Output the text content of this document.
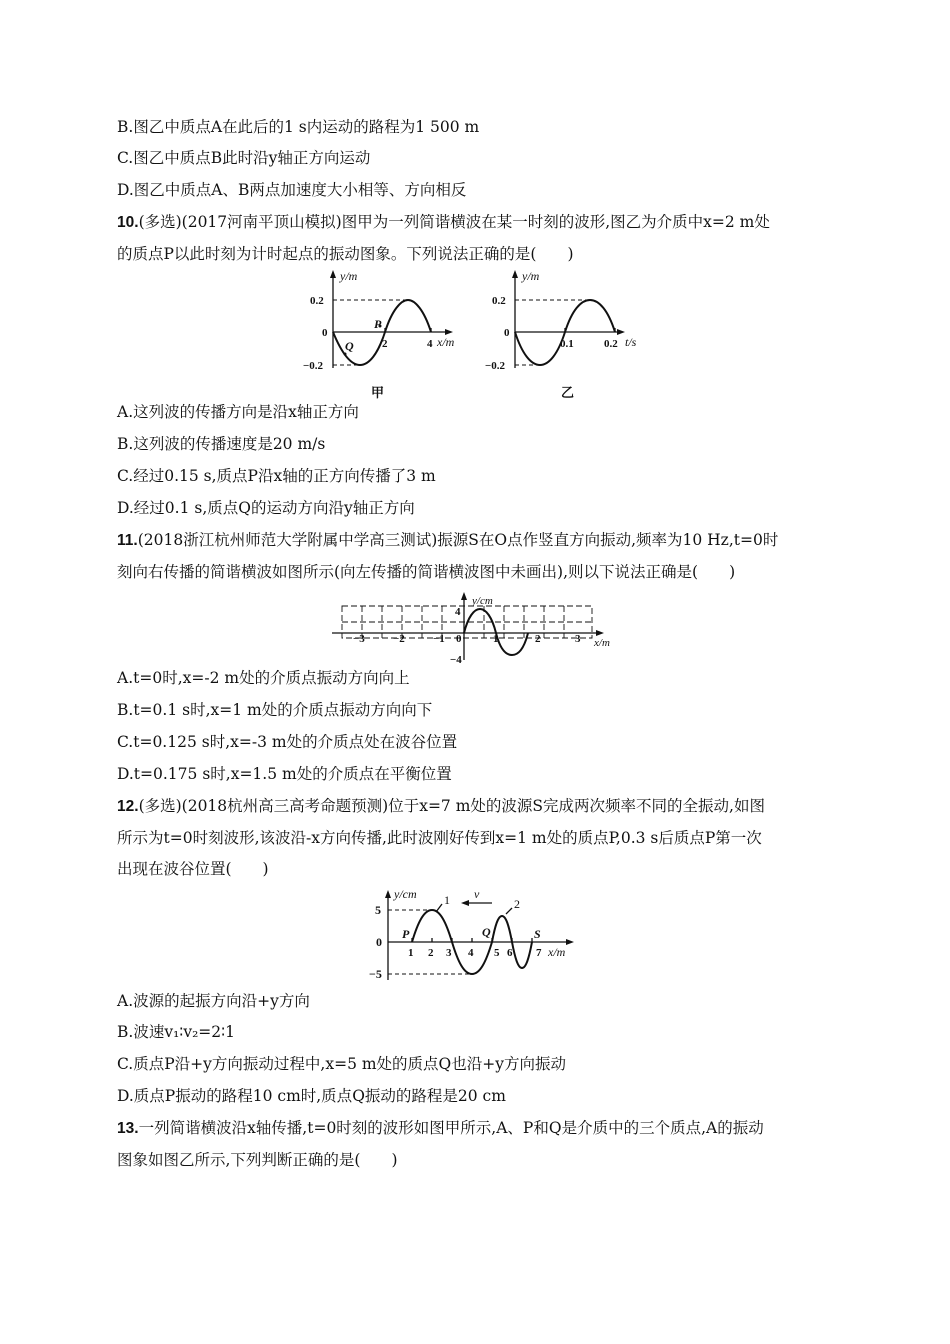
B.图乙中质点A在此后的1 s内运动的路程为1 500 m
C.图乙中质点B此时沿y轴正方向运动
D.图乙中质点A、B两点加速度大小相等、方向相反
10.(多选)(2017河南平顶山模拟)图甲为一列简谐横波在某一时刻的波形,图乙为介质中x=2 m处
的质点P以此时刻为计时起点的振动图象。下列说法正确的是(　　)
y/m
0.2
0
−0.2
2	4 x/m
P
Q
甲
y/m
0.2
0
−0.2
0.1	0.2 t/s
乙
A.这列波的传播方向是沿x轴正方向
B.这列波的传播速度是20 m/s
C.经过0.15 s,质点P沿x轴的正方向传播了3 m
D.经过0.1 s,质点Q的运动方向沿y轴正方向
11.(2018浙江杭州师范大学附属中学高三测试)振源S在O点作竖直方向振动,频率为10 Hz,t=0时
刻向右传播的简谐横波如图所示(向左传播的简谐横波图中未画出),则以下说法正确是(　　)
y/cm
4
−4
0
−3	−2	−1	1	2	3 x/m
A.t=0时,x=-2 m处的介质点振动方向向上
B.t=0.1 s时,x=1 m处的介质点振动方向向下
C.t=0.125 s时,x=-3 m处的介质点处在波谷位置
D.t=0.175 s时,x=1.5 m处的介质点在平衡位置
12.(多选)(2018杭州高三高考命题预测)位于x=7 m处的波源S完成两次频率不同的全振动,如图
所示为t=0时刻波形,该波沿-x方向传播,此时波刚好传到x=1 m处的质点P,0.3 s后质点P第一次
出现在波谷位置(　　)
1	2
v
y/cm
5
0
−5
1 2 3 4 5 6 7 x/m
P	Q	S
A.波源的起振方向沿+y方向
B.波速v₁∶v₂=2∶1
C.质点P沿+y方向振动过程中,x=5 m处的质点Q也沿+y方向振动
D.质点P振动的路程10 cm时,质点Q振动的路程是20 cm
13.一列简谐横波沿x轴传播,t=0时刻的波形如图甲所示,A、P和Q是介质中的三个质点,A的振动
图象如图乙所示,下列判断正确的是(　　)
